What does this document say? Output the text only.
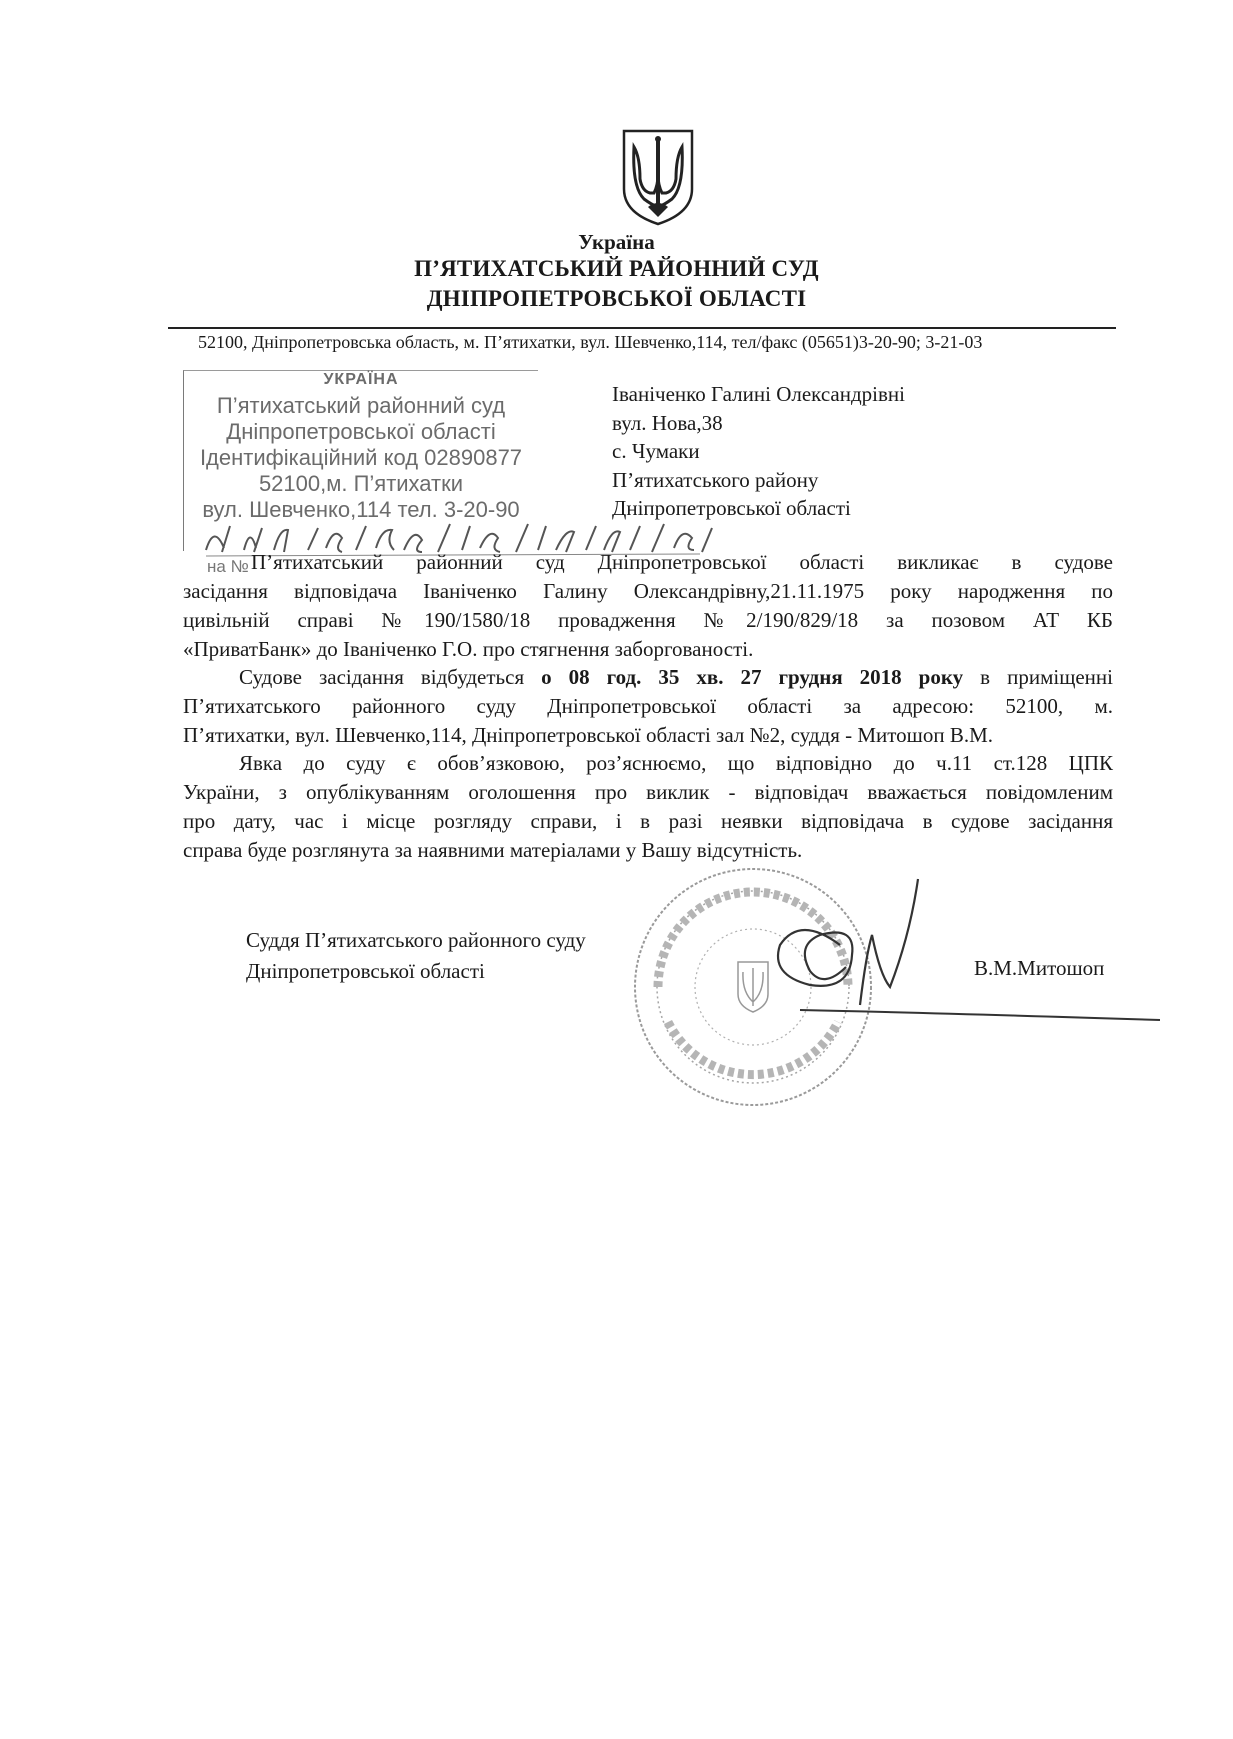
Україна
П’ЯТИХАТСЬКИЙ РАЙОННИЙ СУД
ДНІПРОПЕТРОВСЬКОЇ ОБЛАСТІ
52100, Дніпропетровська область, м. П’ятихатки, вул. Шевченко,114, тел/факс (05651)3-20-90; 3-21-03
УКРАЇНА
П’ятихатський районний суд
Дніпропетровської області
Ідентифікаційний код 02890877
52100,м. П’ятихатки
вул. Шевченко,114 тел. 3-20-90
на №
Іваніченко Галині Олександрівні
вул. Нова,38
с. Чумаки
П’ятихатського району
Дніпропетровської області
П’ятихатський районний суд Дніпропетровської області викликає в судове
засідання відповідача Іваніченко Галину Олександрівну,21.11.1975 року народження по
цивільній справі №190/1580/18 провадження №2/190/829/18 за позовом АТ КБ
«ПриватБанк» до Іваніченко Г.О. про стягнення заборгованості.
Судове засідання відбудеться о 08 год. 35 хв. 27 грудня 2018 року в приміщенні
П’ятихатського районного суду Дніпропетровської області за адресою: 52100, м.
П’ятихатки, вул. Шевченко,114, Дніпропетровської області зал №2, суддя - Митошоп В.М.
Явка до суду є обов’язковою, роз’яснюємо, що відповідно до ч.11 ст.128 ЦПК
України, з опублікуванням оголошення про виклик - відповідач вважається повідомленим
про дату, час і місце розгляду справи, і в разі неявки відповідача в судове засідання
справа буде розглянута за наявними матеріалами у Вашу відсутність.
Суддя П’ятихатського районного суду
Дніпропетровської області	В.М.Митошоп
